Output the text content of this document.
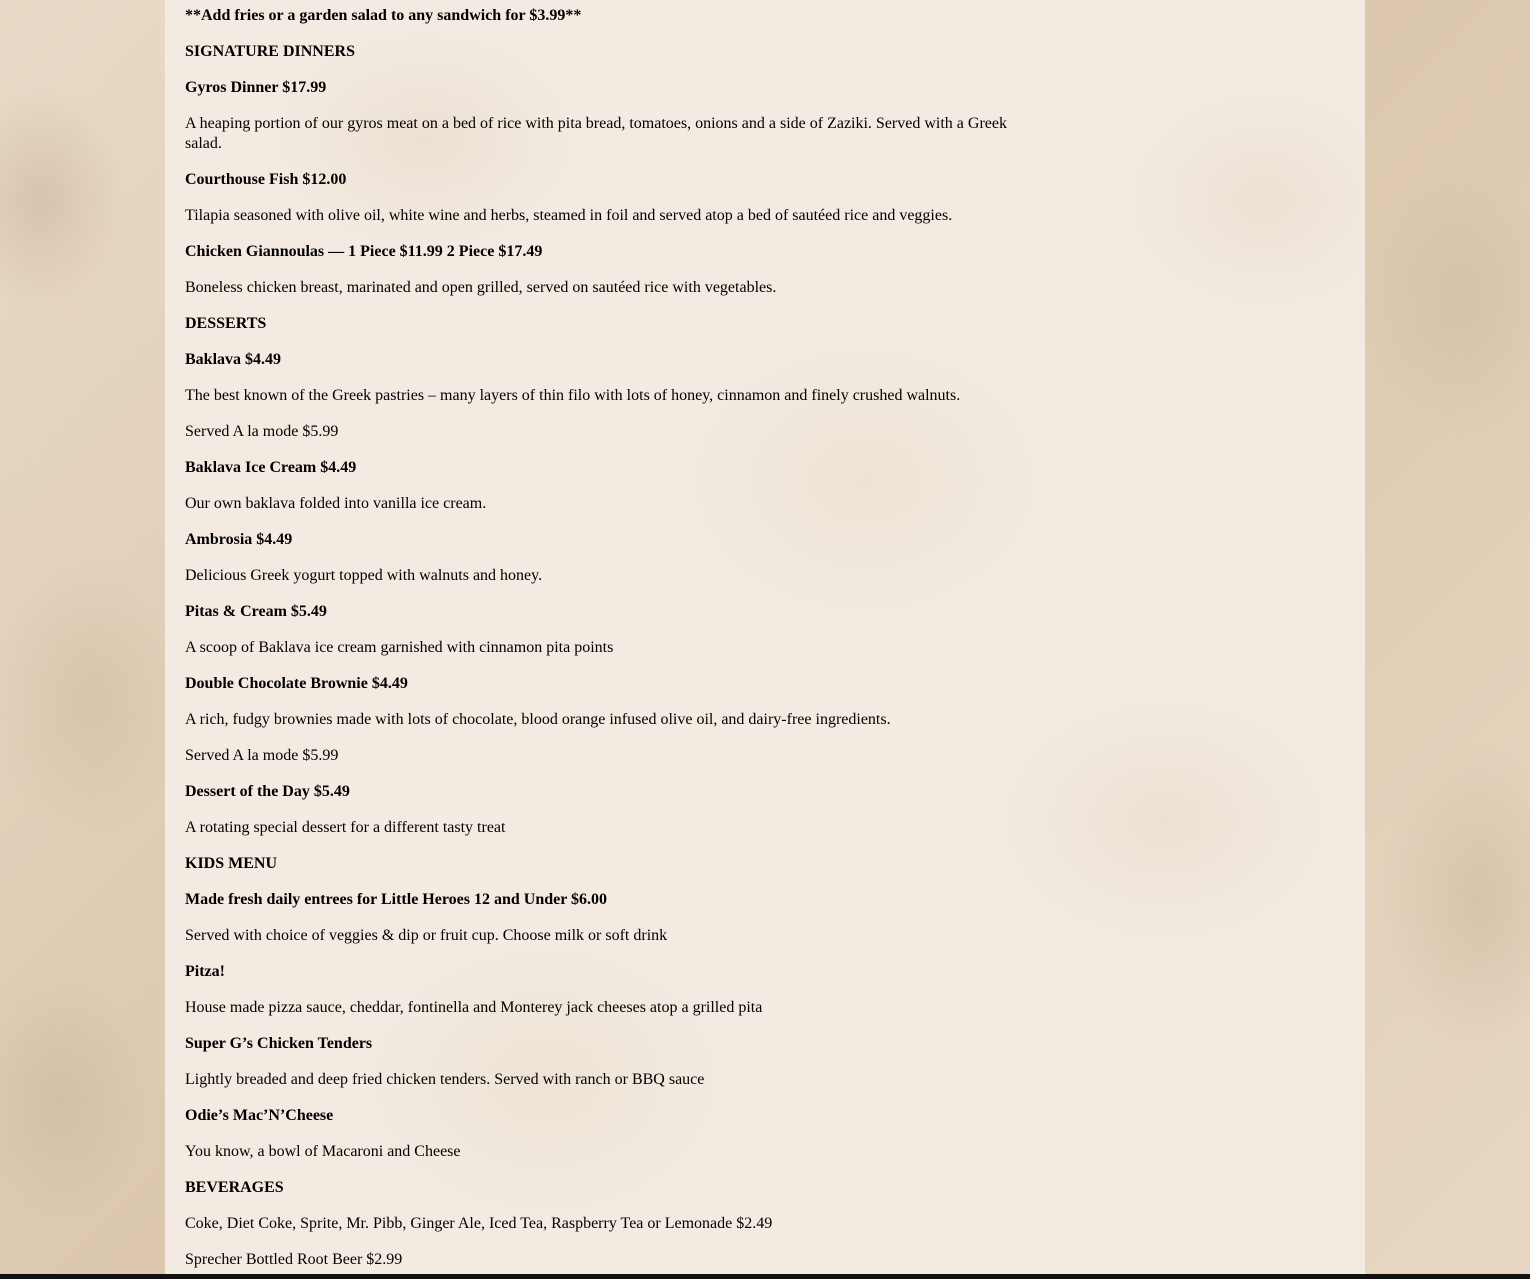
**Add fries or a garden salad to any sandwich for $3.99**

SIGNATURE DINNERS

Gyros Dinner $17.99

A heaping portion of our gyros meat on a bed of rice with pita bread, tomatoes, onions and a side of Zaziki. Served with a Greek salad.

Courthouse Fish $12.00

Tilapia seasoned with olive oil, white wine and herbs, steamed in foil and served atop a bed of sautéed rice and veggies.

Chicken Giannoulas — 1 Piece $11.99 2 Piece $17.49

Boneless chicken breast, marinated and open grilled, served on sautéed rice with vegetables.

DESSERTS

Baklava $4.49

The best known of the Greek pastries – many layers of thin filo with lots of honey, cinnamon and finely crushed walnuts.

Served A la mode $5.99

Baklava Ice Cream $4.49

Our own baklava folded into vanilla ice cream.

Ambrosia $4.49

Delicious Greek yogurt topped with walnuts and honey.

Pitas & Cream $5.49

A scoop of Baklava ice cream garnished with cinnamon pita points

Double Chocolate Brownie $4.49

A rich, fudgy brownies made with lots of chocolate, blood orange infused olive oil, and dairy-free ingredients.

Served A la mode $5.99

Dessert of the Day $5.49

A rotating special dessert for a different tasty treat

KIDS MENU

Made fresh daily entrees for Little Heroes 12 and Under $6.00

Served with choice of veggies & dip or fruit cup. Choose milk or soft drink

Pitza!

House made pizza sauce, cheddar, fontinella and Monterey jack cheeses atop a grilled pita

Super G’s Chicken Tenders

Lightly breaded and deep fried chicken tenders. Served with ranch or BBQ sauce

Odie’s Mac’N’Cheese

You know, a bowl of Macaroni and Cheese

BEVERAGES

Coke, Diet Coke, Sprite, Mr. Pibb, Ginger Ale, Iced Tea, Raspberry Tea or Lemonade $2.49

Sprecher Bottled Root Beer $2.99
